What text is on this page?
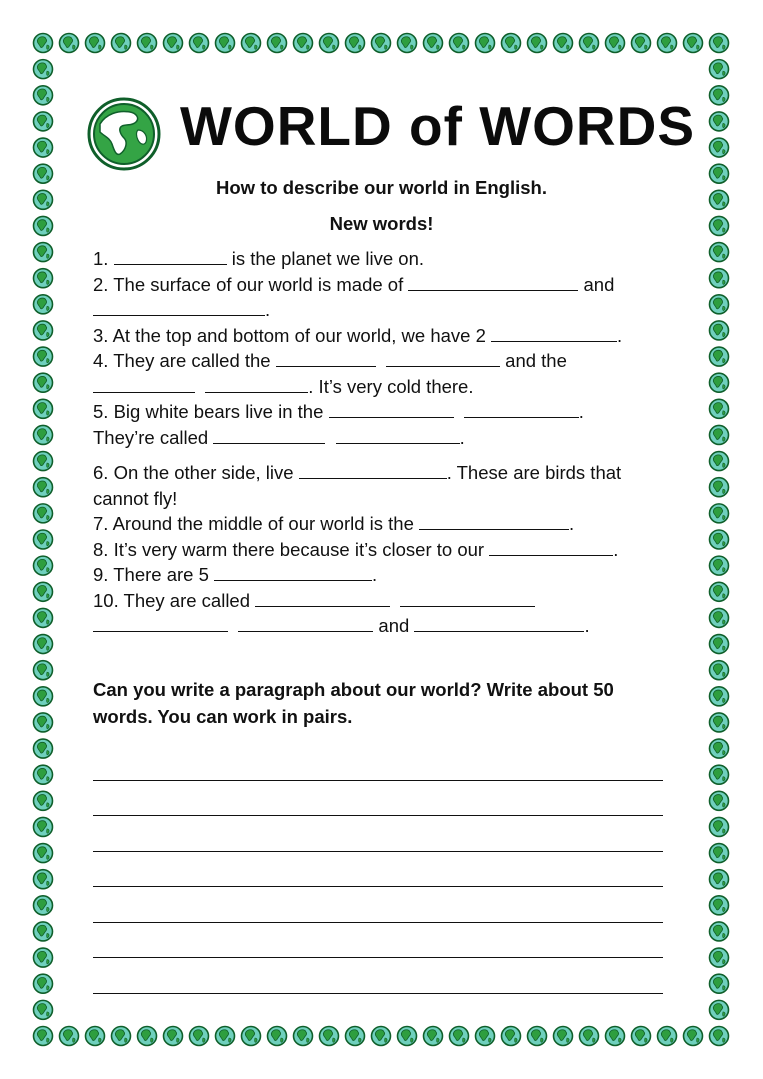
WORLD of WORDS
How to describe our world in English.
New words!
1.	is the planet we live on.
2. The surface of our world is made of	and
.
3. At the top and bottom of our world, we have 2	.
4. They are called the	and the
. It’s very cold there.
5. Big white bears live in the	.
They’re called	.
6. On the other side, live	. These are birds that
cannot fly!
7. Around the middle of our world is the	.
8. It’s very warm there because it’s closer to our	.
9. There are 5	.
10. They are called
and	.
Can you write a paragraph about our world? Write about 50
words. You can work in pairs.
